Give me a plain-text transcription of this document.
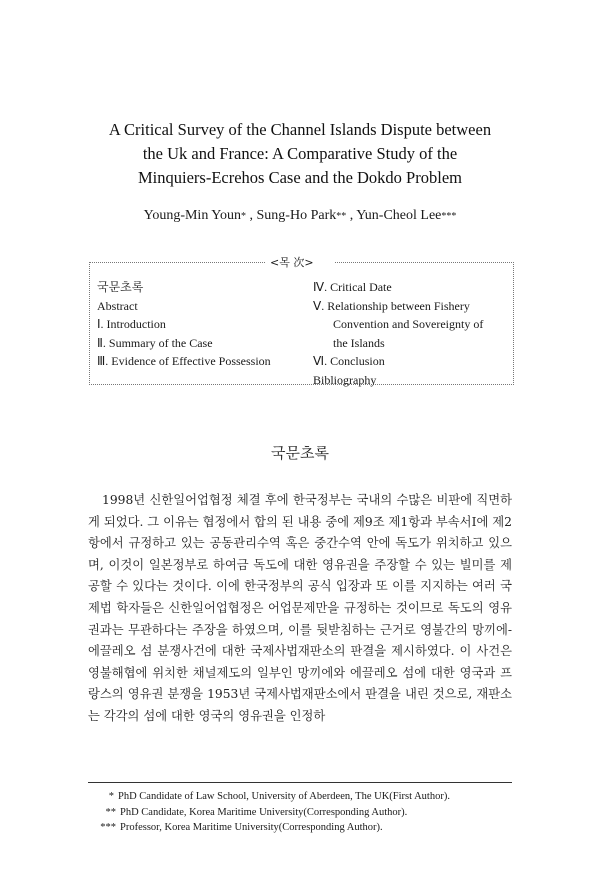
A Critical Survey of the Channel Islands Dispute between
the Uk and France: A Comparative Study of the
Minquiers-Ecrehos Case and the Dokdo Problem
Young-Min Youn* , Sung-Ho Park** , Yun-Cheol Lee***
<목 次>
국문초록
Abstract
Ⅰ. Introduction
Ⅱ. Summary of the Case
Ⅲ. Evidence of Effective Possession
Ⅳ. Critical Date
Ⅴ. Relationship between Fishery
Convention and Sovereignty of
the Islands
Ⅵ. Conclusion
Bibliography
국문초록
1998년 신한일어업협정 체결 후에 한국정부는 국내의 수많은 비판에 직면하게 되었다. 그 이유는 협정에서 합의 된 내용 중에 제9조 제1항과 부속서Ⅰ에 제2항에서 규정하고 있는 공동관리수역 혹은 중간수역 안에 독도가 위치하고 있으며, 이것이 일본정부로 하여금 독도에 대한 영유권을 주장할 수 있는 빌미를 제공할 수 있다는 것이다. 이에 한국정부의 공식 입장과 또 이를 지지하는 여러 국제법 학자들은 신한일어업협정은 어업문제만을 규정하는 것이므로 독도의 영유권과는 무관하다는 주장을 하였으며, 이를 뒷받침하는 근거로 영불간의 망끼에-에끌레오 섬 분쟁사건에 대한 국제사법재판소의 판결을 제시하였다. 이 사건은 영불해협에 위치한 채널제도의 일부인 망끼에와 에끌레오 섬에 대한 영국과 프랑스의 영유권 분쟁을 1953년 국제사법재판소에서 판결을 내린 것으로, 재판소는 각각의 섬에 대한 영국의 영유권을 인정하
* PhD Candidate of Law School, University of Aberdeen, The UK(First Author).
** PhD Candidate, Korea Maritime University(Corresponding Author).
*** Professor, Korea Maritime University(Corresponding Author).
